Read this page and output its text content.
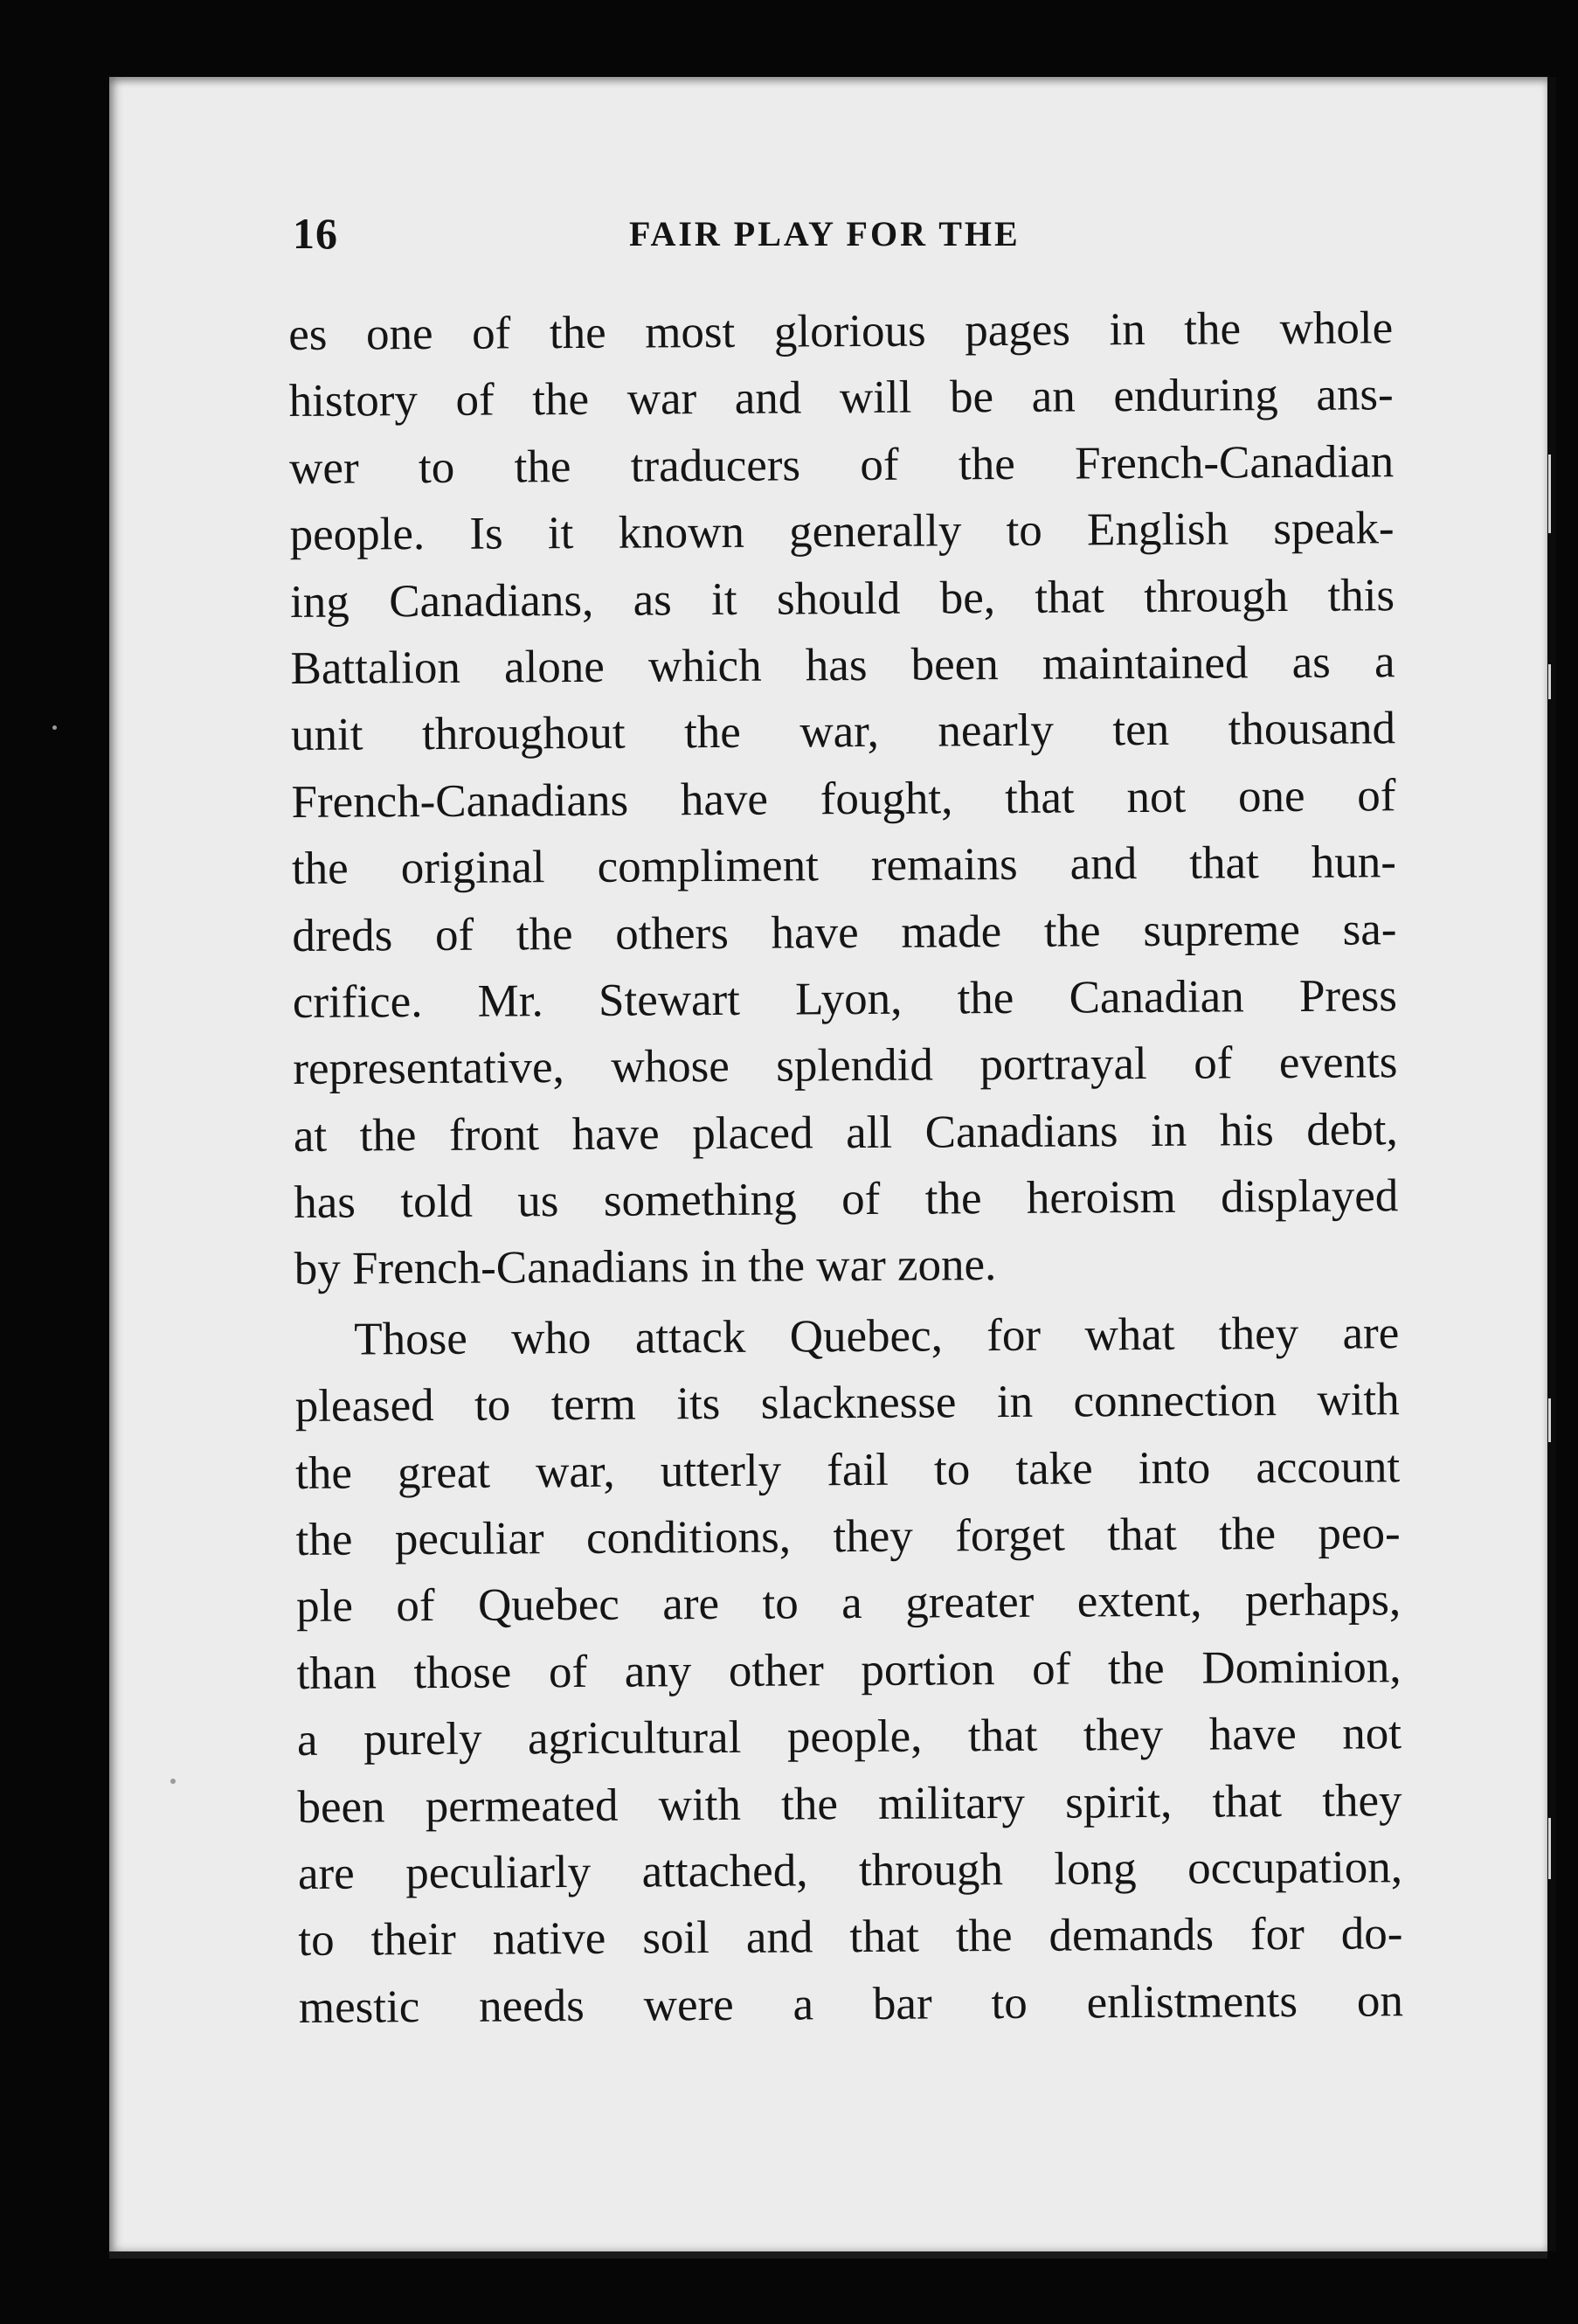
16	FAIR PLAY FOR THE
es one of the most glorious pages in the whole
history of the war and will be an enduring ans-
wer to the traducers of the French-Canadian
people. Is it known generally to English speak-
ing Canadians, as it should be, that through this
Battalion alone which has been maintained as a
unit throughout the war, nearly ten thousand
French-Canadians have fought, that not one of
the original compliment remains and that hun-
dreds of the others have made the supreme sa-
crifice. Mr. Stewart Lyon, the Canadian Press
representative, whose splendid portrayal of events
at the front have placed all Canadians in his debt,
has told us something of the heroism displayed
by French-Canadians in the war zone.
Those who attack Quebec, for what they are
pleased to term its slacknesse in connection with
the great war, utterly fail to take into account
the peculiar conditions, they forget that the peo-
ple of Quebec are to a greater extent, perhaps,
than those of any other portion of the Dominion,
a purely agricultural people, that they have not
been permeated with the military spirit, that they
are peculiarly attached, through long occupation,
to their native soil and that the demands for do-
mestic needs were a bar to enlistments on
